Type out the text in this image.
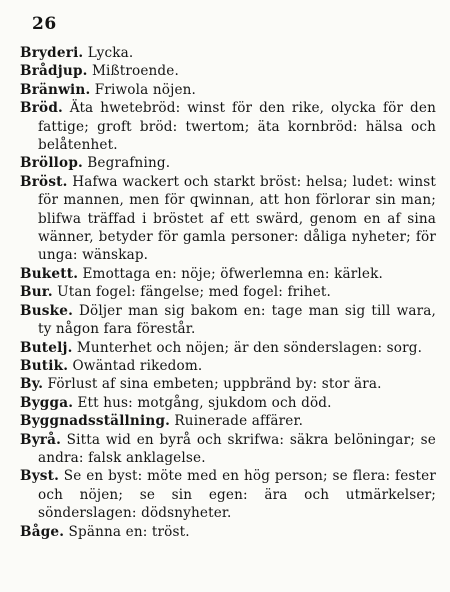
26

Bryderi. Lycka.

Brådjup. Mißtroende.

Bränwin. Friwola nöjen.

Bröd. Äta hwetebröd: winst för den rike, olycka för den fattige; groft bröd: twertom; äta kornbröd: hälsa och belåtenhet.

Bröllop. Begrafning.

Bröst. Hafwa wackert och starkt bröst: helsa; ludet: winst för mannen, men för qwinnan, att hon förlorar sin man; blifwa träffad i bröstet af ett swärd, genom en af sina wänner, betyder för gamla personer: dåliga nyheter; för unga: wänskap.

Bukett. Emottaga en: nöje; öfwerlemna en: kärlek.

Bur. Utan fogel: fängelse; med fogel: frihet.

Buske. Döljer man sig bakom en: tage man sig till wara, ty någon fara förestår.

Butelj. Munterhet och nöjen; är den sönderslagen: sorg.

Butik. Owäntad rikedom.

By. Förlust af sina embeten; uppbränd by: stor ära.

Bygga. Ett hus: motgång, sjukdom och död.

Byggnadsställning. Ruinerade affärer.

Byrå. Sitta wid en byrå och skrifwa: säkra belöningar; se andra: falsk anklagelse.

Byst. Se en byst: möte med en hög person; se flera: fester och nöjen; se sin egen: ära och utmärkelser; sönderslagen: dödsnyheter.

Båge. Spänna en: tröst.
